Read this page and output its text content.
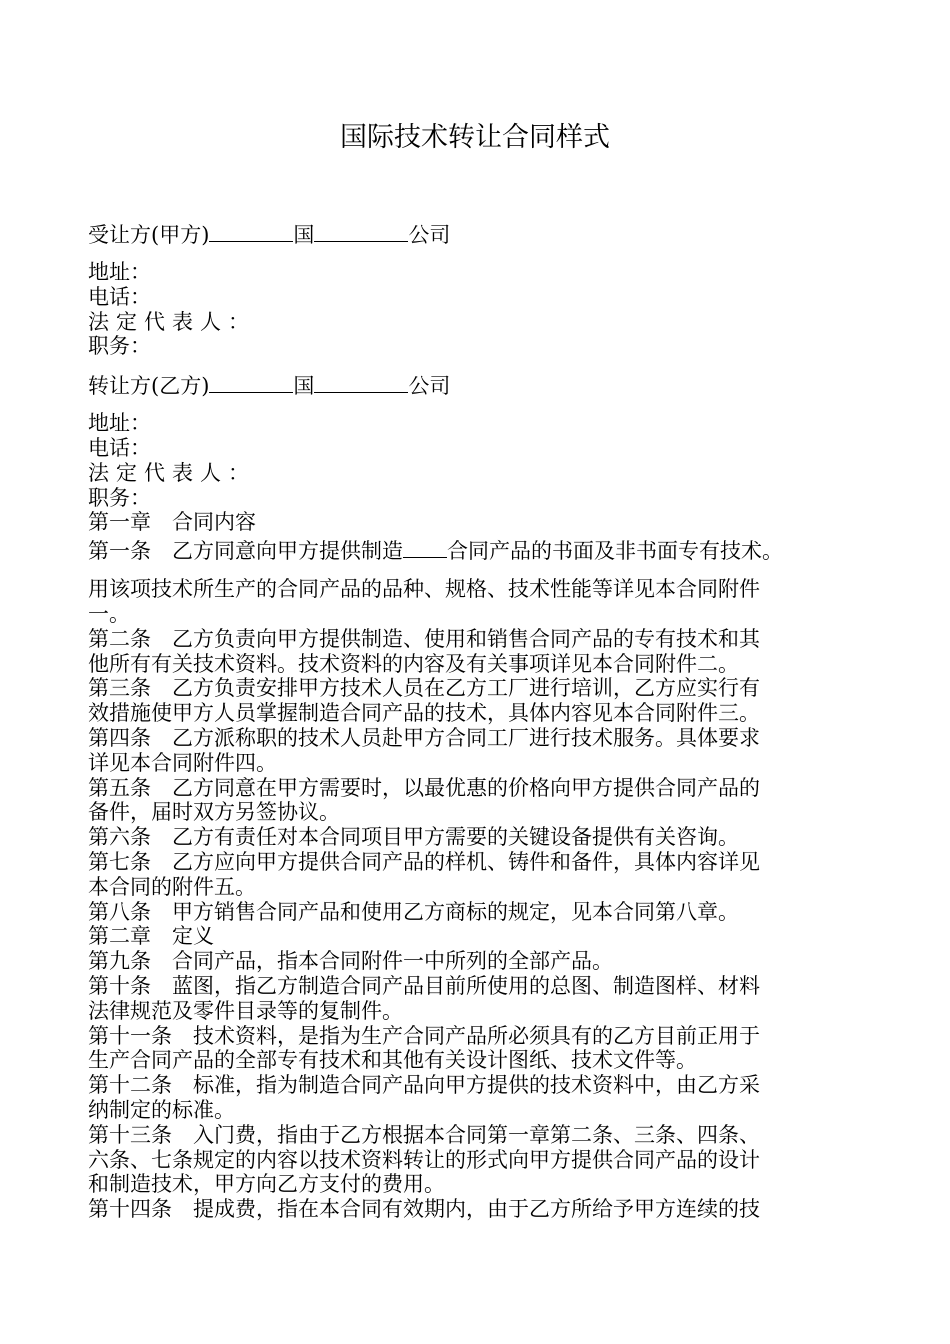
国际技术转让合同样式
受让方(甲方)	国	公司
地址：
电话：
法定代表人：
职务：
转让方(乙方)	国	公司
地址：
电话：
法定代表人：
职务：
第一章　合同内容
第一条　乙方同意向甲方提供制造 合同产品的书面及非书面专有技术。
用该项技术所生产的合同产品的品种、规格、技术性能等详见本合同附件
一。
第二条　乙方负责向甲方提供制造、使用和销售合同产品的专有技术和其
他所有有关技术资料。技术资料的内容及有关事项详见本合同附件二。
第三条　乙方负责安排甲方技术人员在乙方工厂进行培训，乙方应实行有
效措施使甲方人员掌握制造合同产品的技术，具体内容见本合同附件三。
第四条　乙方派称职的技术人员赴甲方合同工厂进行技术服务。具体要求
详见本合同附件四。
第五条　乙方同意在甲方需要时，以最优惠的价格向甲方提供合同产品的
备件，届时双方另签协议。
第六条　乙方有责任对本合同项目甲方需要的关键设备提供有关咨询。
第七条　乙方应向甲方提供合同产品的样机、铸件和备件，具体内容详见
本合同的附件五。
第八条　甲方销售合同产品和使用乙方商标的规定，见本合同第八章。
第二章　定义
第九条　合同产品，指本合同附件一中所列的全部产品。
第十条　蓝图，指乙方制造合同产品目前所使用的总图、制造图样、材料
法律规范及零件目录等的复制件。
第十一条　技术资料，是指为生产合同产品所必须具有的乙方目前正用于
生产合同产品的全部专有技术和其他有关设计图纸、技术文件等。
第十二条　标准，指为制造合同产品向甲方提供的技术资料中，由乙方采
纳制定的标准。
第十三条　入门费，指由于乙方根据本合同第一章第二条、三条、四条、
六条、七条规定的内容以技术资料转让的形式向甲方提供合同产品的设计
和制造技术，甲方向乙方支付的费用。
第十四条　提成费，指在本合同有效期内，由于乙方所给予甲方连续的技
